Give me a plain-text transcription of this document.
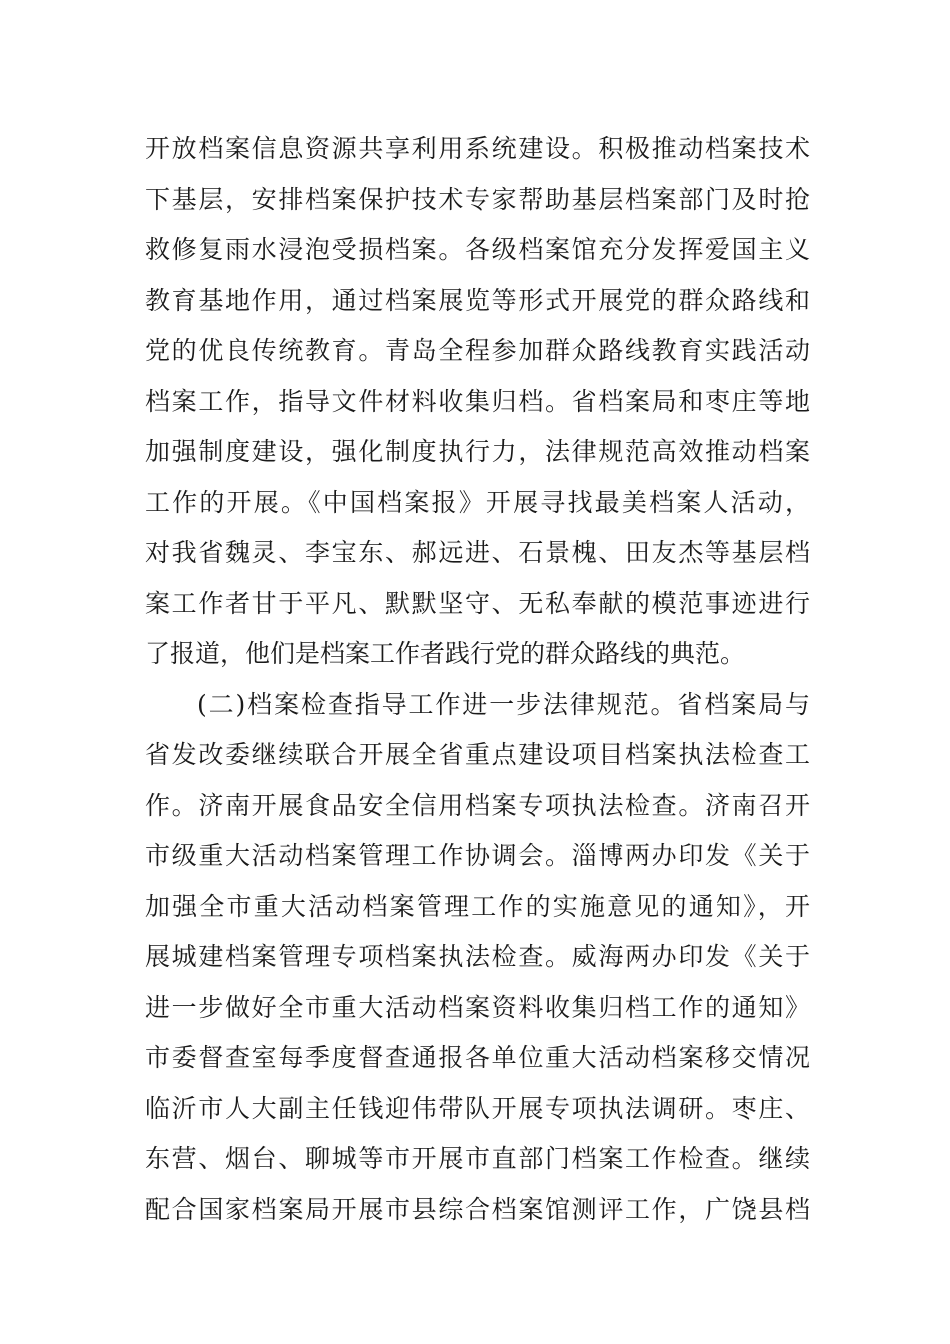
开放档案信息资源共享利用系统建设。积极推动档案技术
下基层，安排档案保护技术专家帮助基层档案部门及时抢
救修复雨水浸泡受损档案。各级档案馆充分发挥爱国主义
教育基地作用，通过档案展览等形式开展党的群众路线和
党的优良传统教育。青岛全程参加群众路线教育实践活动
档案工作，指导文件材料收集归档。省档案局和枣庄等地
加强制度建设，强化制度执行力，法律规范高效推动档案
工作的开展。《中国档案报》开展寻找最美档案人活动，
对我省魏灵、李宝东、郝远进、石景槐、田友杰等基层档
案工作者甘于平凡、默默坚守、无私奉献的模范事迹进行
了报道，他们是档案工作者践行党的群众路线的典范。
(二)档案检查指导工作进一步法律规范。省档案局与
省发改委继续联合开展全省重点建设项目档案执法检查工
作。济南开展食品安全信用档案专项执法检查。济南召开
市级重大活动档案管理工作协调会。淄博两办印发《关于
加强全市重大活动档案管理工作的实施意见的通知》，开
展城建档案管理专项档案执法检查。威海两办印发《关于
进一步做好全市重大活动档案资料收集归档工作的通知》
市委督查室每季度督查通报各单位重大活动档案移交情况
临沂市人大副主任钱迎伟带队开展专项执法调研。枣庄、
东营、烟台、聊城等市开展市直部门档案工作检查。继续
配合国家档案局开展市县综合档案馆测评工作，广饶县档
